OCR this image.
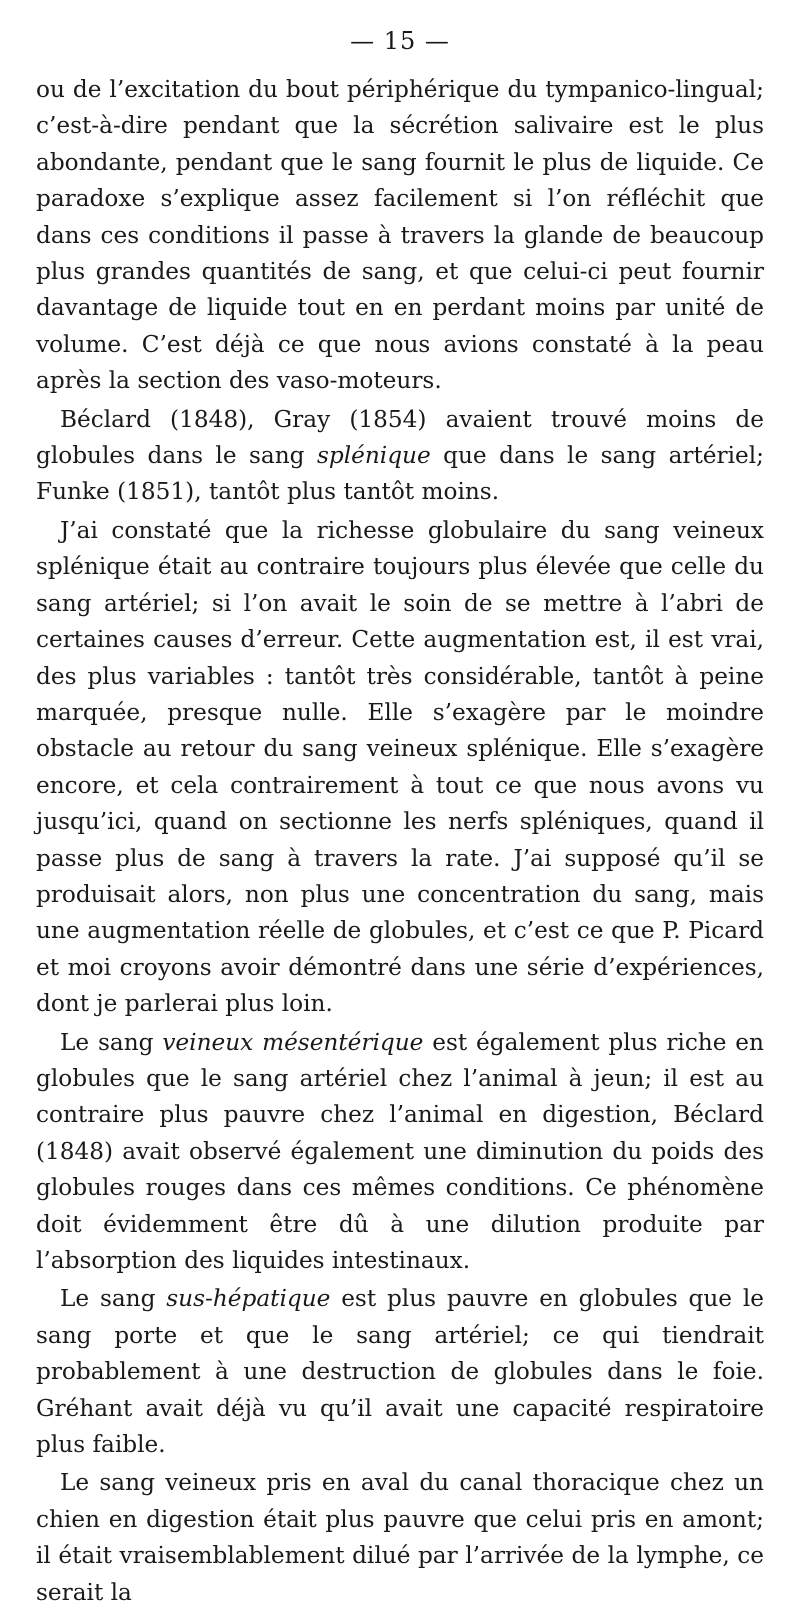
— 15 —

ou de l’excitation du bout périphérique du tympanico-lingual; c’est-à-dire pendant que la sécrétion salivaire est le plus abondante, pendant que le sang fournit le plus de liquide. Ce paradoxe s’explique assez facilement si l’on réfléchit que dans ces conditions il passe à travers la glande de beaucoup plus grandes quantités de sang, et que celui-ci peut fournir davantage de liquide tout en en perdant moins par unité de volume. C’est déjà ce que nous avions constaté à la peau après la section des vaso-moteurs.

Béclard (1848), Gray (1854) avaient trouvé moins de globules dans le sang splénique que dans le sang artériel; Funke (1851), tantôt plus tantôt moins.

J’ai constaté que la richesse globulaire du sang veineux splénique était au contraire toujours plus élevée que celle du sang artériel; si l’on avait le soin de se mettre à l’abri de certaines causes d’erreur. Cette augmentation est, il est vrai, des plus variables : tantôt très considérable, tantôt à peine marquée, presque nulle. Elle s’exagère par le moindre obstacle au retour du sang veineux splénique. Elle s’exagère encore, et cela contrairement à tout ce que nous avons vu jusqu’ici, quand on sectionne les nerfs spléniques, quand il passe plus de sang à travers la rate. J’ai supposé qu’il se produisait alors, non plus une concentration du sang, mais une augmentation réelle de globules, et c’est ce que P. Picard et moi croyons avoir démontré dans une série d’expériences, dont je parlerai plus loin.

Le sang veineux mésentérique est également plus riche en globules que le sang artériel chez l’animal à jeun; il est au contraire plus pauvre chez l’animal en digestion, Béclard (1848) avait observé également une diminution du poids des globules rouges dans ces mêmes conditions. Ce phénomène doit évidemment être dû à une dilution produite par l’absorption des liquides intestinaux.

Le sang sus-hépatique est plus pauvre en globules que le sang porte et que le sang artériel; ce qui tiendrait probablement à une destruction de globules dans le foie. Gréhant avait déjà vu qu’il avait une capacité respiratoire plus faible.

Le sang veineux pris en aval du canal thoracique chez un chien en digestion était plus pauvre que celui pris en amont; il était vraisemblablement dilué par l’arrivée de la lymphe, ce serait la
